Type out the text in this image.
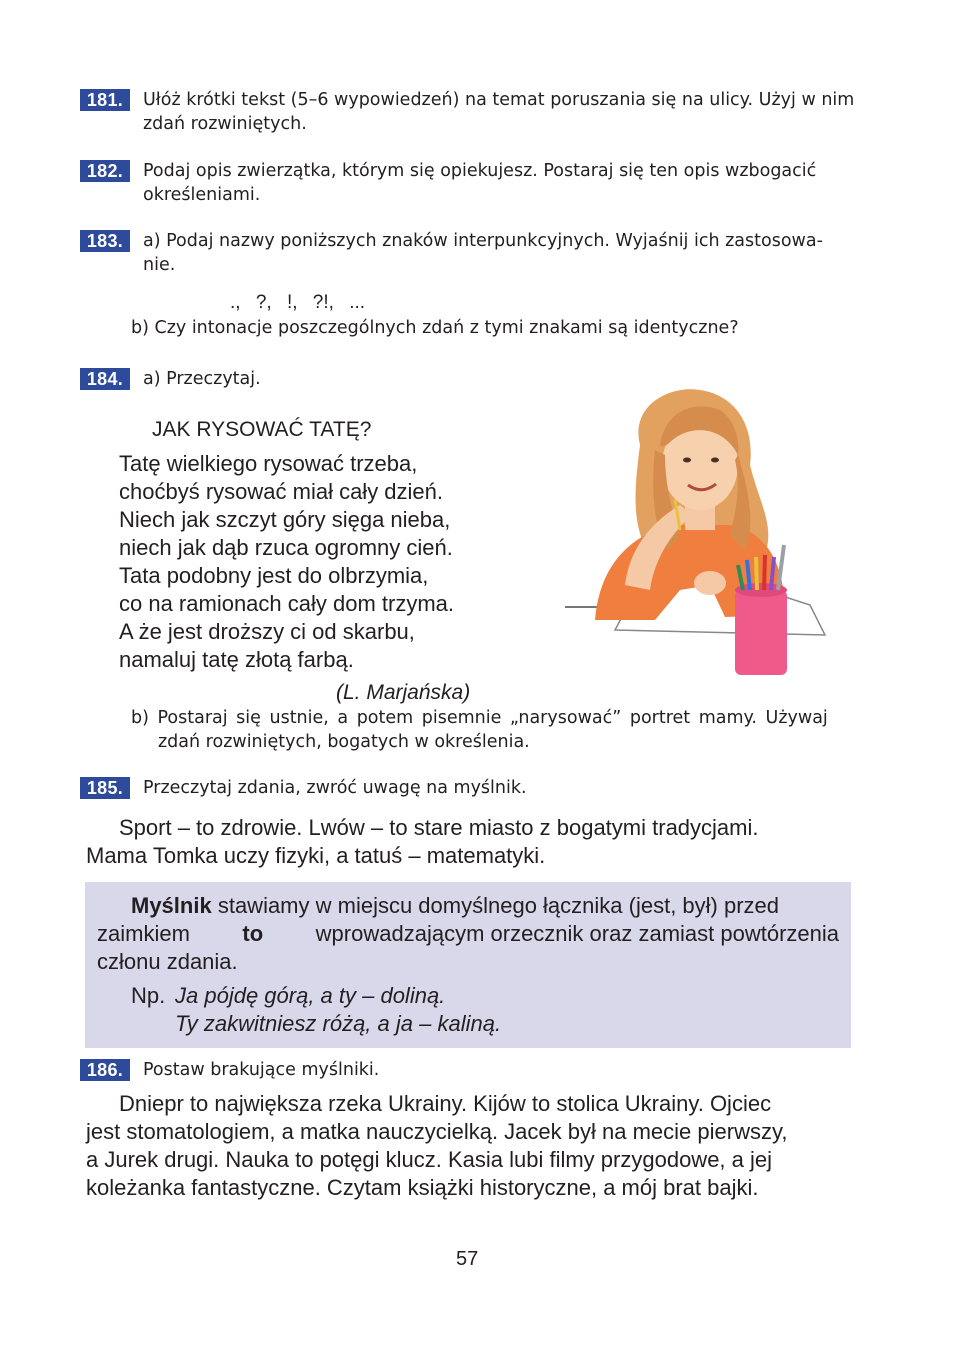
181.	Ułóż krótki tekst (5–6 wypowiedzeń) na temat poruszania się na ulicy. Użyj w nim zdań rozwiniętych.
182.	Podaj opis zwierzątka, którym się opiekujesz. Postaraj się ten opis wzbogacić określeniami.
183.	a) Podaj nazwy poniższych znaków interpunkcyjnych. Wyjaśnij ich zastosowa-nie.
., ?, !, ?!, ...
b) Czy intonacje poszczególnych zdań z tymi znakami są identyczne?
184.	a) Przeczytaj.
JAK RYSOWAĆ TATĘ?
Tatę wielkiego rysować trzeba,
choćbyś rysować miał cały dzień.
Niech jak szczyt góry sięga nieba,
niech jak dąb rzuca ogromny cień.
Tata podobny jest do olbrzymia,
co na ramionach cały dom trzyma.
A że jest droższy ci od skarbu,
namaluj tatę złotą farbą.
(L. Marjańska)
b) Postaraj się ustnie, a potem pisemnie „narysować” portret mamy. Używaj
zdań rozwiniętych, bogatych w określenia.
185.	Przeczytaj zdania, zwróć uwagę na myślnik.
Sport – to zdrowie. Lwów – to stare miasto z bogatymi tradycjami.
Mama Tomka uczy fizyki, a tatuś – matematyki.
Myślnik stawiamy w miejscu domyślnego łącznika (jest, był) przed
zaimkiem to wprowadzającym orzecznik oraz zamiast powtórzenia
członu zdania.
Np. Ja pójdę górą, a ty – doliną.
Ty zakwitniesz różą, a ja – kaliną.
186.	Postaw brakujące myślniki.
Dniepr to największa rzeka Ukrainy. Kijów to stolica Ukrainy. Ojciec
jest stomatologiem, a matka nauczycielką. Jacek był na mecie pierwszy,
a Jurek drugi. Nauka to potęgi klucz. Kasia lubi filmy przygodowe, a jej
koleżanka fantastyczne. Czytam książki historyczne, a mój brat bajki.
57
